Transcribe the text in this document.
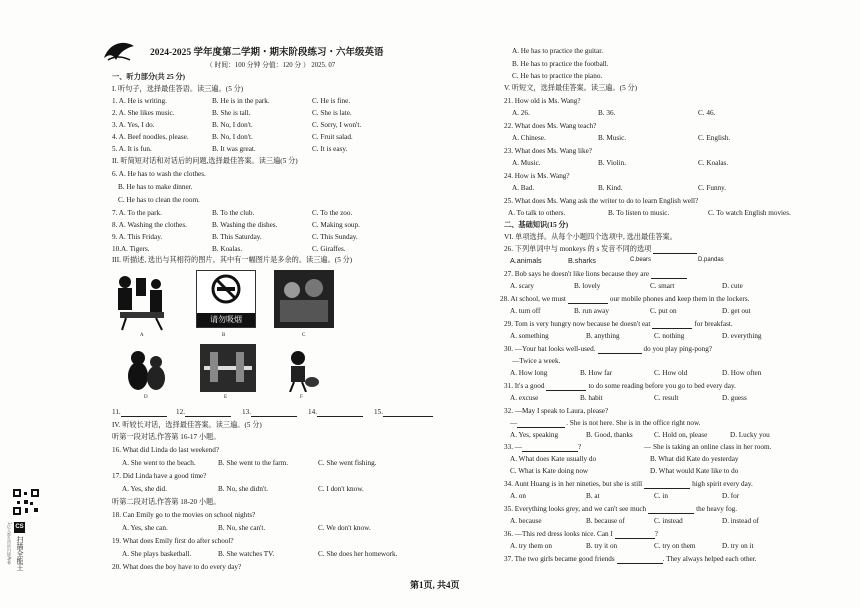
2024-2025 学年度第二学期・期末阶段练习・六年级英语
（ 时间：100 分钟 分值：120 分 ） 2025. 07
一、听力部分(共 25 分)
I. 听句子，选择最佳答语。读三遍。(5 分)
1. A. He is writing.	B. He is in the park.	C. He is fine.
2. A. She likes music.	B. She is tall.	C. She is late.
3. A. Yes, I do.	B. No, I don't.	C. Sorry, I won't.
4. A. Beef noodles, please.	B. No, I don't.	C. Fruit salad.
5. A. It is fun.	B. It was great.	C. It is easy.
II. 听简短对话和对话后的问题,选择最佳答案。读三遍(5 分)
6. A. He has to wash the clothes.
B. He has to make dinner.
C. He has to clean the room.
7. A. To the park.	B. To the club.	C. To the zoo.
8. A. Washing the clothes.	B. Washing the dishes.	C. Making soup.
9. A. This Friday.	B. This Saturday.	C. This Sunday.
10.A. Tigers.	B. Koalas.	C. Giraffes.
III. 听描述, 选出与其相符的图片。其中有一幅图片是多余的。读三遍。(5 分)
A
请勿吸烟
B	C
D	E	F
11.	12.	13.	14.	15.
IV. 听较长对话，选择最佳答案。读三遍。(5 分)
听第一段对话,作答第 16-17 小题。
16. What did Linda do last weekend?
A. She went to the beach.	B. She went to the farm.	C. She went fishing.
17. Did Linda have a good time?
A. Yes, she did.	B. No, she didn't.	C. I don't know.
听第二段对话,作答第 18-20 小题。
18. Can Emily go to the movies on school nights?
A. Yes, she can.	B. No, she can't.	C. We don't know.
19. What does Emily first do after school?
A. She plays basketball.	B. She watches TV.	C. She does her homework.
20. What does the boy have to do every day?
A. He has to practice the guitar.
B. He has to practice the football.
C. He has to practice the piano.
V. 听短文，选择最佳答案。读三遍。(5 分)
21. How old is Ms. Wang?
A. 26.	B. 36.	C. 46.
22. What does Ms. Wang teach?
A. Chinese.	B. Music.	C. English.
23. What does Ms. Wang like?
A. Music.	B. Violin.	C. Koalas.
24. How is Ms. Wang?
A. Bad.	B. Kind.	C. Funny.
25. What does Ms. Wang ask the writer to do to learn English well?
A. To talk to others.	B. To listen to music.	C. To watch English movies.
二、基础知识(15 分)
VI. 单项选择。从每个小题四个选项中, 选出最佳答案。
26. 下列单词中与 monkeys 的 s 发音不同的选项
A.animals	B.sharks	C.bears	D.pandas
27. Bob says he doesn't like lions because they are
A. scary	B. lovely	C. smart	D. cute
28. At school, we must	our mobile phones and keep them in the lockers.
A. turn off	B. run away	C. put on	D. get out
29. Tom is very hungry now because he doesn't eat	for breakfast.
A. something	B. anything	C. nothing	D. everything
30. —Your bat looks well-used.	do you play ping-pong?
—Twice a week.
A. How long	B. How far	C. How old	D. How often
31. It's a good	to do some reading before you go to bed every day.
A. excuse	B. habit	C. result	D. guess
32. —May I speak to Laura, please?
—	. She is not here. She is in the office right now.
A. Yes, speaking	B. Good, thanks	C. Hold on, please	D. Lucky you
33. —	?	— She is taking an online class in her room.
A. What does Kate usually do	B. What did Kate do yesterday
C. What is Kate doing now	D. What would Kate like to do
34. Aunt Huang is in her nineties, but she is still	high spirit every day.
A. on	B. at	C. in	D. for
35. Everything looks grey, and we can't see much	the heavy fog.
A. because	B. because of	C. instead	D. instead of
36. —This red dress looks nice. Can I	?
A. try them on	B. try it on	C. try on them	D. try on it
37. The two girls became good friends	. They always helped each other.
CS
扫描全能王
3亿人都在用的扫描App
第1页, 共4页
